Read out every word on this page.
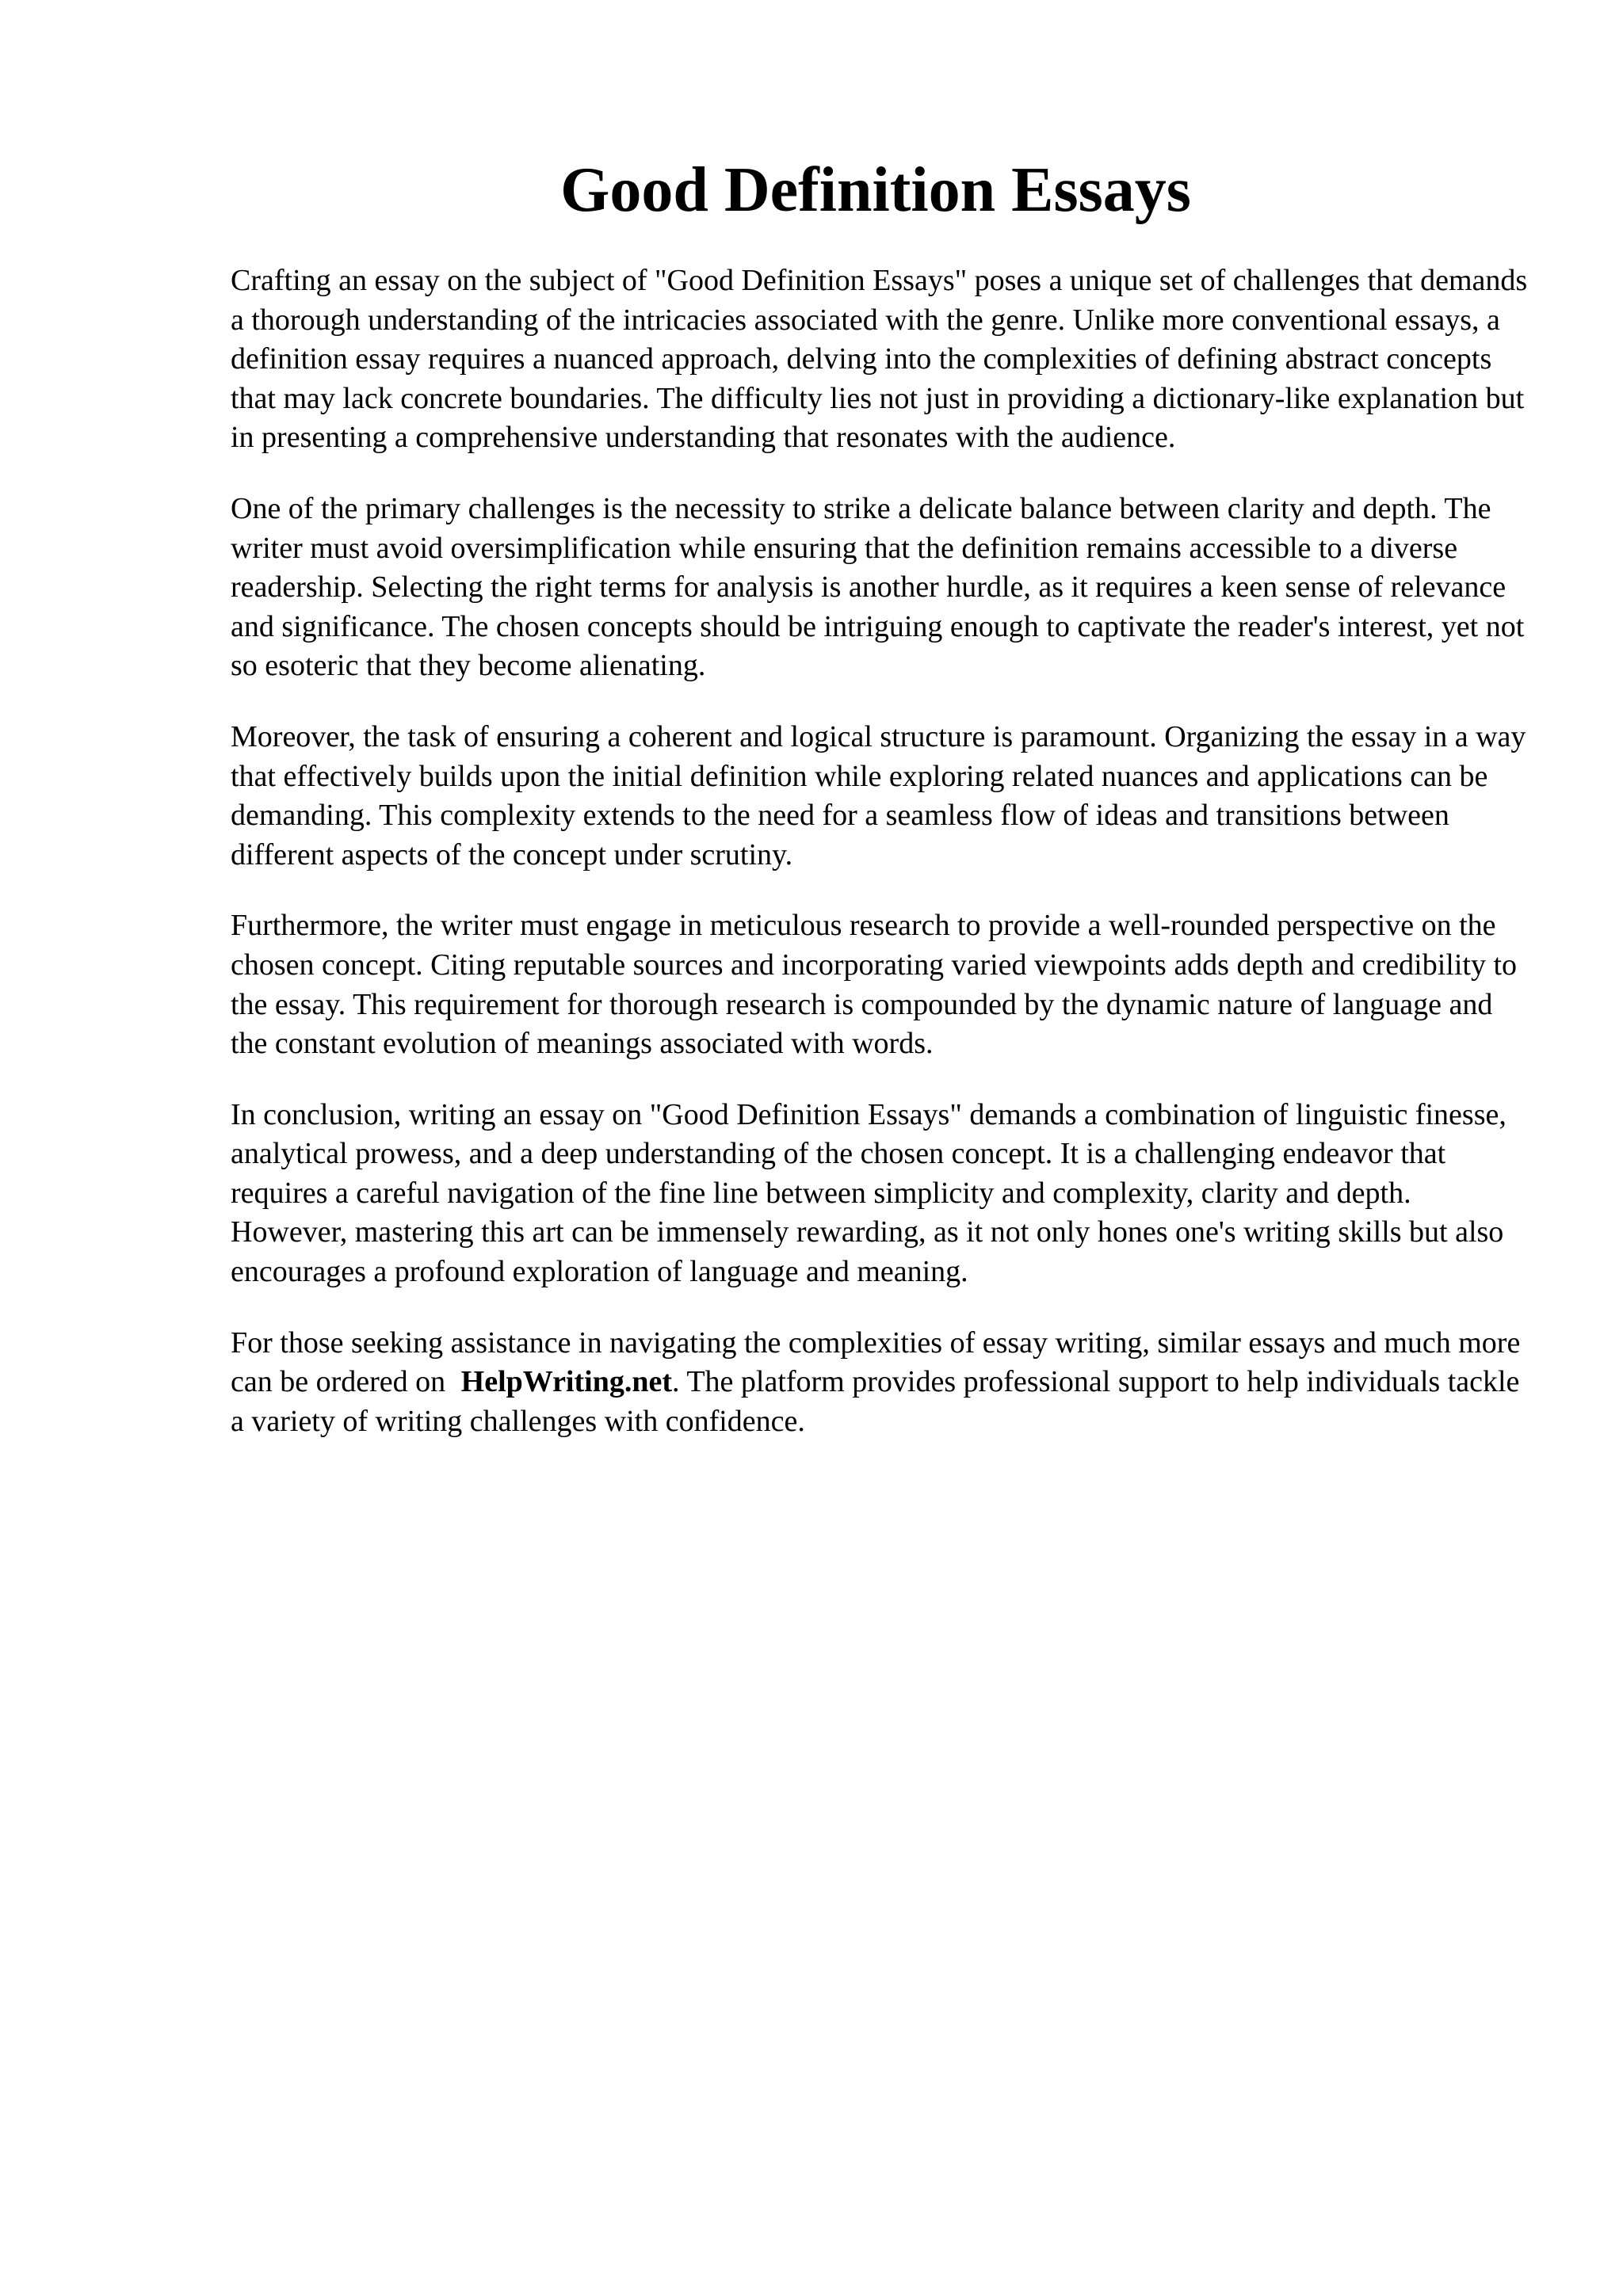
Good Definition Essays

Crafting an essay on the subject of "Good Definition Essays" poses a unique set of challenges that demands a thorough understanding of the intricacies associated with the genre. Unlike more conventional essays, a definition essay requires a nuanced approach, delving into the complexities of defining abstract concepts that may lack concrete boundaries. The difficulty lies not just in providing a dictionary-like explanation but in presenting a comprehensive understanding that resonates with the audience.

One of the primary challenges is the necessity to strike a delicate balance between clarity and depth. The writer must avoid oversimplification while ensuring that the definition remains accessible to a diverse readership. Selecting the right terms for analysis is another hurdle, as it requires a keen sense of relevance and significance. The chosen concepts should be intriguing enough to captivate the reader's interest, yet not so esoteric that they become alienating.

Moreover, the task of ensuring a coherent and logical structure is paramount. Organizing the essay in a way that effectively builds upon the initial definition while exploring related nuances and applications can be demanding. This complexity extends to the need for a seamless flow of ideas and transitions between different aspects of the concept under scrutiny.

Furthermore, the writer must engage in meticulous research to provide a well-rounded perspective on the chosen concept. Citing reputable sources and incorporating varied viewpoints adds depth and credibility to the essay. This requirement for thorough research is compounded by the dynamic nature of language and the constant evolution of meanings associated with words.

In conclusion, writing an essay on "Good Definition Essays" demands a combination of linguistic finesse, analytical prowess, and a deep understanding of the chosen concept. It is a challenging endeavor that requires a careful navigation of the fine line between simplicity and complexity, clarity and depth. However, mastering this art can be immensely rewarding, as it not only hones one's writing skills but also encourages a profound exploration of language and meaning.

For those seeking assistance in navigating the complexities of essay writing, similar essays and much more can be ordered on HelpWriting.net. The platform provides professional support to help individuals tackle a variety of writing challenges with confidence.
